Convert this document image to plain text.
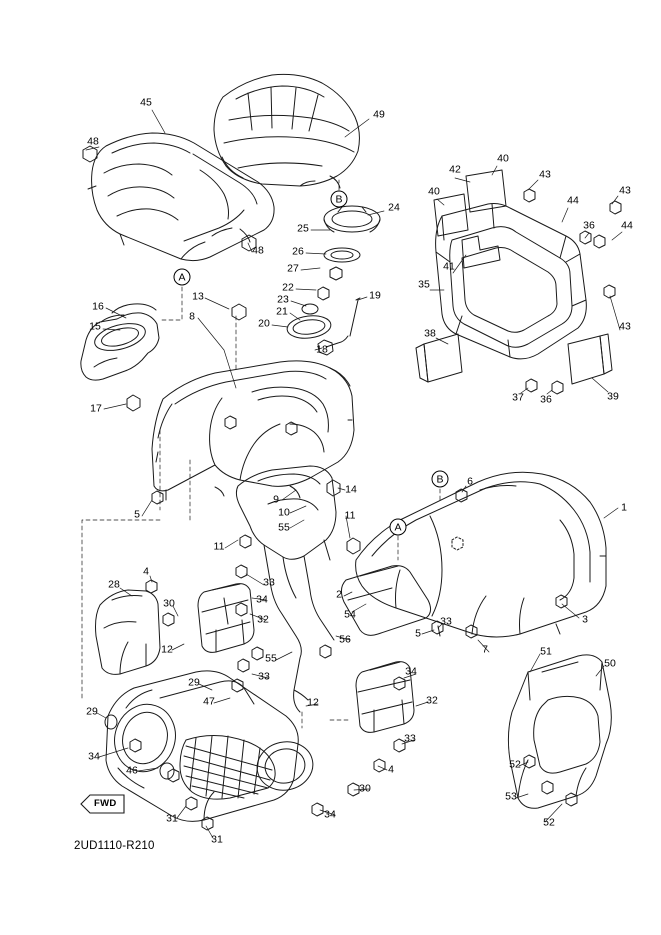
FWD
2UD1110-R210
45
49
48
42
40
43
40
44
43
24
36	44
25
48
41
26
35
27
19
22
13	23
21
16
8
20	43
15
18
38
17
37 36	39
6
1
9
14
10	11
5
55
11
3
2
28
4
33
54
34
30
5
33
7
32
12
56
51
50
55
34
29	33
47	32
29
12
33
34
52
46	4
30
53
31	34
52
31
B
A
B
A
